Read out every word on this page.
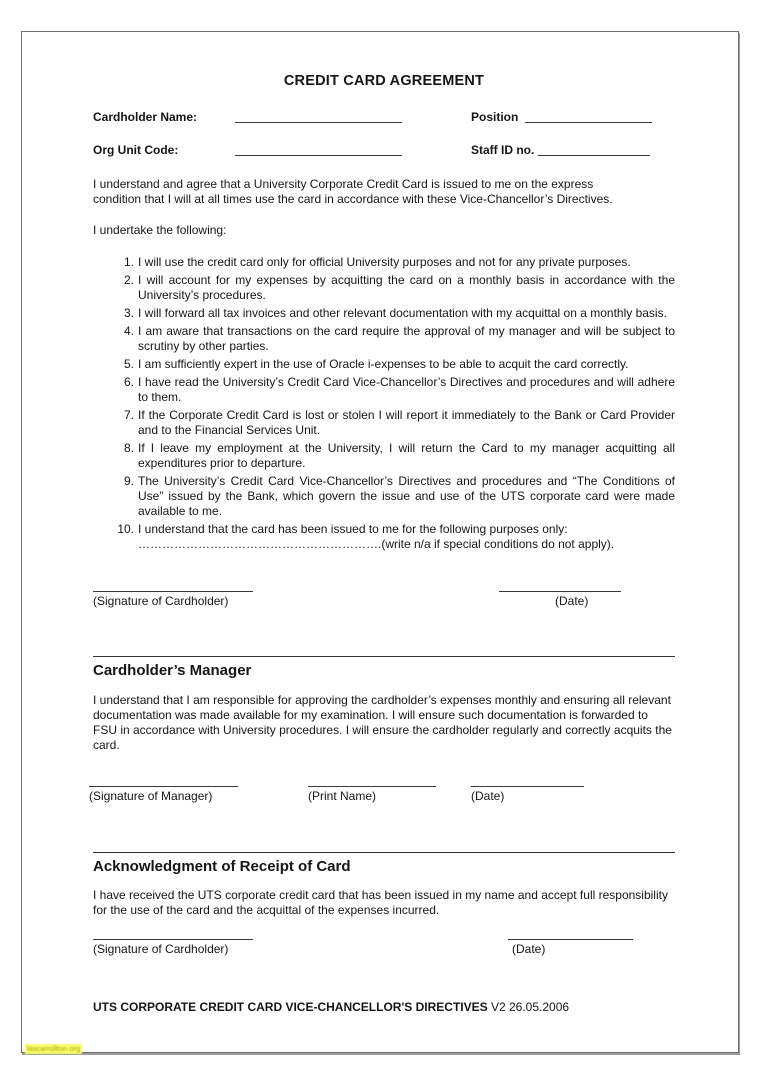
CREDIT CARD AGREEMENT
Cardholder Name:	Position
Org Unit Code:	Staff ID no.

I understand and agree that a University Corporate Credit Card is issued to me on the express condition that I will at all times use the card in accordance with these Vice-Chancellor’s Directives.

I undertake the following:

1. I will use the credit card only for official University purposes and not for any private purposes.
2. I will account for my expenses by acquitting the card on a monthly basis in accordance with the University’s procedures.
3. I will forward all tax invoices and other relevant documentation with my acquittal on a monthly basis.
4. I am aware that transactions on the card require the approval of my manager and will be subject to scrutiny by other parties.
5. I am sufficiently expert in the use of Oracle i-expenses to be able to acquit the card correctly.
6. I have read the University’s Credit Card Vice-Chancellor’s Directives and procedures and will adhere to them.
7. If the Corporate Credit Card is lost or stolen I will report it immediately to the Bank or Card Provider and to the Financial Services Unit.
8. If I leave my employment at the University, I will return the Card to my manager acquitting all expenditures prior to departure.
9. The University’s Credit Card Vice-Chancellor’s Directives and procedures and “The Conditions of Use” issued by the Bank, which govern the issue and use of the UTS corporate card were made available to me.
10. I understand that the card has been issued to me for the following purposes only:
…………………………………………………….(write n/a if special conditions do not apply).
(Signature of Cardholder)	(Date)
Cardholder’s Manager

I understand that I am responsible for approving the cardholder’s expenses monthly and ensuring all relevant documentation was made available for my examination. I will ensure such documentation is forwarded to FSU in accordance with University procedures. I will ensure the cardholder regularly and correctly acquits the card.

(Signature of Manager)	(Print Name)	(Date)
Acknowledgment of Receipt of Card

I have received the UTS corporate credit card that has been issued in my name and accept full responsibility for the use of the card and the acquittal of the expenses incurred.

(Signature of Cardholder)	(Date)

UTS CORPORATE CREDIT CARD VICE-CHANCELLOR'S DIRECTIVES V2 26.05.2006

lascarrollton.org
